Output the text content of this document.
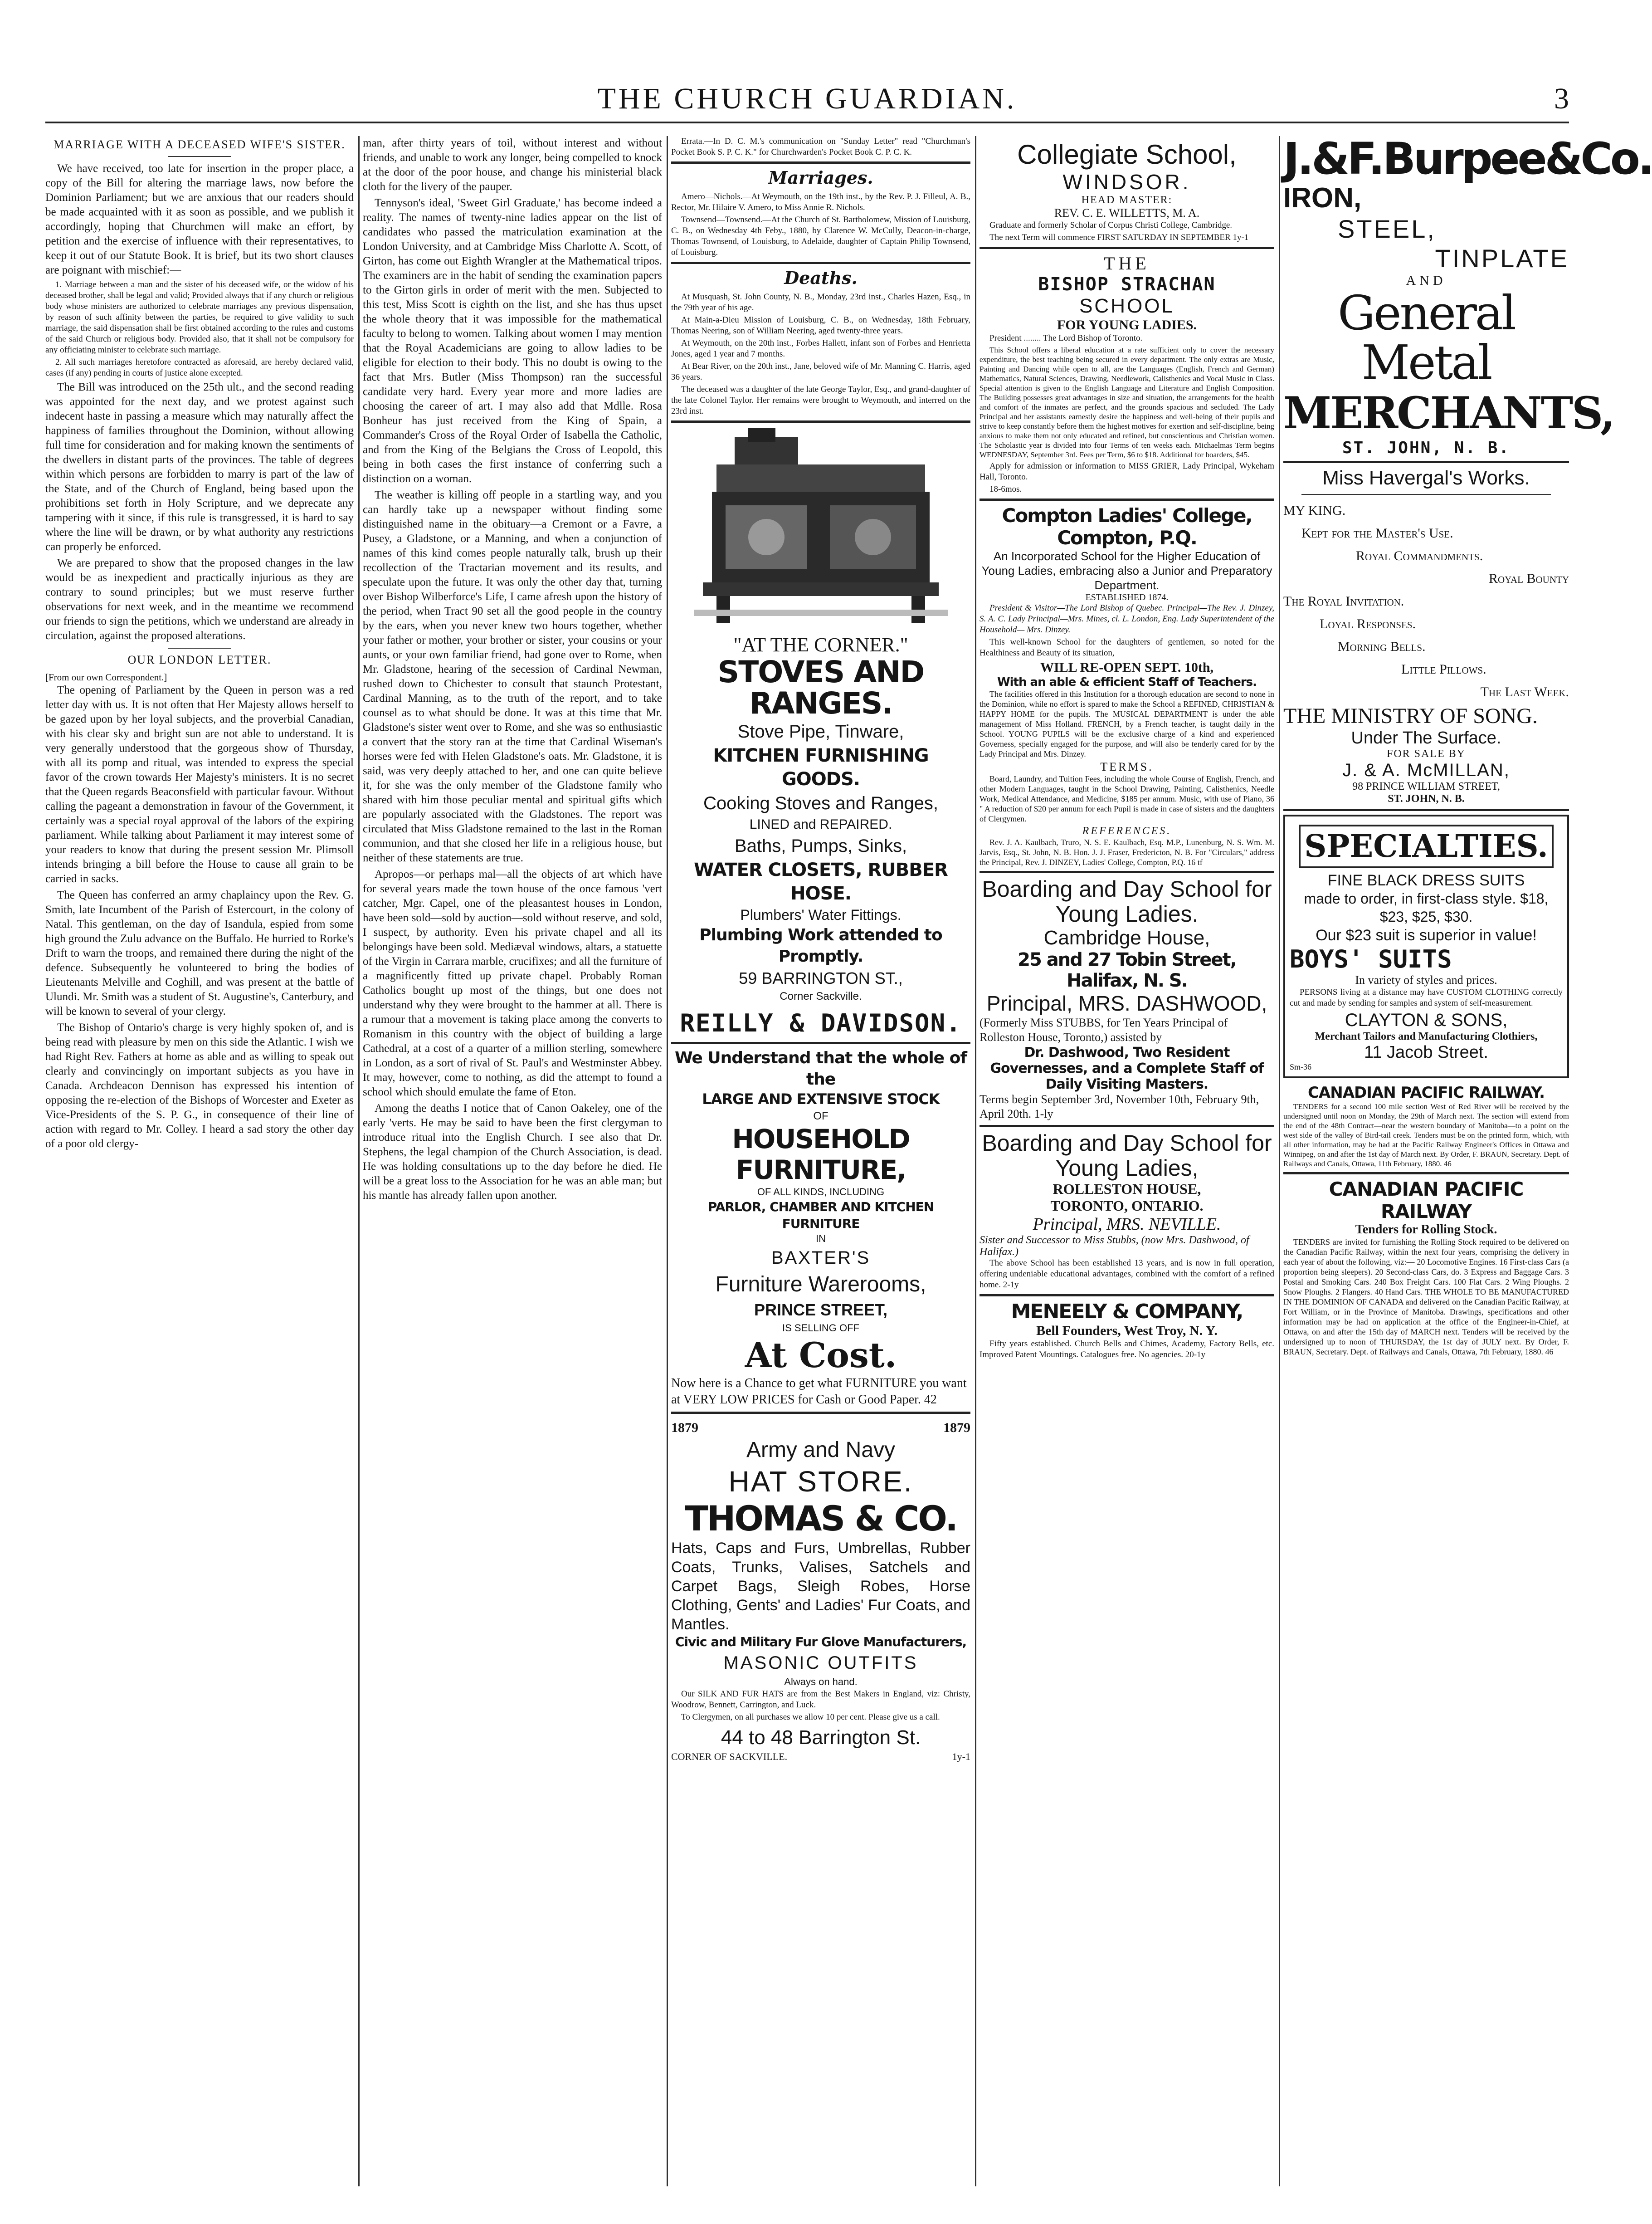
THE CHURCH GUARDIAN.	3
MARRIAGE WITH A DECEASED WIFE'S SISTER.

We have received, too late for insertion in the proper place, a copy of the Bill for altering the marriage laws, now before the Dominion Parliament; but we are anxious that our readers should be made acquainted with it as soon as possible, and we publish it accordingly, hoping that Churchmen will make an effort, by petition and the exercise of influence with their representatives, to keep it out of our Statute Book. It is brief, but its two short clauses are poignant with mischief:—

1. Marriage between a man and the sister of his deceased wife, or the widow of his deceased brother, shall be legal and valid; Provided always that if any church or religious body whose ministers are authorized to celebrate marriages any previous dispensation, by reason of such affinity between the parties, be required to give validity to such marriage, the said dispensation shall be first obtained according to the rules and customs of the said Church or religious body. Provided also, that it shall not be compulsory for any officiating minister to celebrate such marriage.

2. All such marriages heretofore contracted as aforesaid, are hereby declared valid, cases (if any) pending in courts of justice alone excepted.

The Bill was introduced on the 25th ult., and the second reading was appointed for the next day, and we protest against such indecent haste in passing a measure which may naturally affect the happiness of families throughout the Dominion, without allowing full time for consideration and for making known the sentiments of the dwellers in distant parts of the provinces. The table of degrees within which persons are forbidden to marry is part of the law of the State, and of the Church of England, being based upon the prohibitions set forth in Holy Scripture, and we deprecate any tampering with it since, if this rule is transgressed, it is hard to say where the line will be drawn, or by what authority any restrictions can properly be enforced.

We are prepared to show that the proposed changes in the law would be as inexpedient and practically injurious as they are contrary to sound principles; but we must reserve further observations for next week, and in the meantime we recommend our friends to sign the petitions, which we understand are already in circulation, against the proposed alterations.

OUR LONDON LETTER.

[From our own Correspondent.]

The opening of Parliament by the Queen in person was a red letter day with us. It is not often that Her Majesty allows herself to be gazed upon by her loyal subjects, and the proverbial Canadian, with his clear sky and bright sun are not able to understand. It is very generally understood that the gorgeous show of Thursday, with all its pomp and ritual, was intended to express the special favor of the crown towards Her Majesty's ministers. It is no secret that the Queen regards Beaconsfield with particular favour. Without calling the pageant a demonstration in favour of the Government, it certainly was a special royal approval of the labors of the expiring parliament. While talking about Parliament it may interest some of your readers to know that during the present session Mr. Plimsoll intends bringing a bill before the House to cause all grain to be carried in sacks.

The Queen has conferred an army chaplaincy upon the Rev. G. Smith, late Incumbent of the Parish of Estercourt, in the colony of Natal. This gentleman, on the day of Isandula, espied from some high ground the Zulu advance on the Buffalo. He hurried to Rorke's Drift to warn the troops, and remained there during the night of the defence. Subsequently he volunteered to bring the bodies of Lieutenants Melville and Coghill, and was present at the battle of Ulundi. Mr. Smith was a student of St. Augustine's, Canterbury, and will be known to several of your clergy.

The Bishop of Ontario's charge is very highly spoken of, and is being read with pleasure by men on this side the Atlantic. I wish we had Right Rev. Fathers at home as able and as willing to speak out clearly and convincingly on important subjects as you have in Canada. Archdeacon Dennison has expressed his intention of opposing the re-election of the Bishops of Worcester and Exeter as Vice-Presidents of the S. P. G., in consequence of their line of action with regard to Mr. Colley. I heard a sad story the other day of a poor old clergy-

man, after thirty years of toil, without interest and without friends, and unable to work any longer, being compelled to knock at the door of the poor house, and change his ministerial black cloth for the livery of the pauper.

Tennyson's ideal, 'Sweet Girl Graduate,' has become indeed a reality. The names of twenty-nine ladies appear on the list of candidates who passed the matriculation examination at the London University, and at Cambridge Miss Charlotte A. Scott, of Girton, has come out Eighth Wrangler at the Mathematical tripos. The examiners are in the habit of sending the examination papers to the Girton girls in order of merit with the men. Subjected to this test, Miss Scott is eighth on the list, and she has thus upset the whole theory that it was impossible for the mathematical faculty to belong to women. Talking about women I may mention that the Royal Academicians are going to allow ladies to be eligible for election to their body. This no doubt is owing to the fact that Mrs. Butler (Miss Thompson) ran the successful candidate very hard. Every year more and more ladies are choosing the career of art. I may also add that Mdlle. Rosa Bonheur has just received from the King of Spain, a Commander's Cross of the Royal Order of Isabella the Catholic, and from the King of the Belgians the Cross of Leopold, this being in both cases the first instance of conferring such a distinction on a woman.

The weather is killing off people in a startling way, and you can hardly take up a newspaper without finding some distinguished name in the obituary—a Cremont or a Favre, a Pusey, a Gladstone, or a Manning, and when a conjunction of names of this kind comes people naturally talk, brush up their recollection of the Tractarian movement and its results, and speculate upon the future. It was only the other day that, turning over Bishop Wilberforce's Life, I came afresh upon the history of the period, when Tract 90 set all the good people in the country by the ears, when you never knew two hours together, whether your father or mother, your brother or sister, your cousins or your aunts, or your own familiar friend, had gone over to Rome, when Mr. Gladstone, hearing of the secession of Cardinal Newman, rushed down to Chichester to consult that staunch Protestant, Cardinal Manning, as to the truth of the report, and to take counsel as to what should be done. It was at this time that Mr. Gladstone's sister went over to Rome, and she was so enthusiastic a convert that the story ran at the time that Cardinal Wiseman's horses were fed with Helen Gladstone's oats. Mr. Gladstone, it is said, was very deeply attached to her, and one can quite believe it, for she was the only member of the Gladstone family who shared with him those peculiar mental and spiritual gifts which are popularly associated with the Gladstones. The report was circulated that Miss Gladstone remained to the last in the Roman communion, and that she closed her life in a religious house, but neither of these statements are true.

Apropos—or perhaps mal—all the objects of art which have for several years made the town house of the once famous 'vert catcher, Mgr. Capel, one of the pleasantest houses in London, have been sold—sold by auction—sold without reserve, and sold, I suspect, by authority. Even his private chapel and all its belongings have been sold. Mediæval windows, altars, a statuette of the Virgin in Carrara marble, crucifixes; and all the furniture of a magnificently fitted up private chapel. Probably Roman Catholics bought up most of the things, but one does not understand why they were brought to the hammer at all. There is a rumour that a movement is taking place among the converts to Romanism in this country with the object of building a large Cathedral, at a cost of a quarter of a million sterling, somewhere in London, as a sort of rival of St. Paul's and Westminster Abbey. It may, however, come to nothing, as did the attempt to found a school which should emulate the fame of Eton.

Among the deaths I notice that of Canon Oakeley, one of the early 'verts. He may be said to have been the first clergyman to introduce ritual into the English Church. I see also that Dr. Stephens, the legal champion of the Church Association, is dead. He was holding consultations up to the day before he died. He will be a great loss to the Association for he was an able man; but his mantle has already fallen upon another.

Errata.—In D. C. M.'s communication on "Sunday Letter" read "Churchman's Pocket Book S. P. C. K." for Churchwarden's Pocket Book C. P. C. K.

Marriages.

Amero—Nichols.—At Weymouth, on the 19th inst., by the Rev. P. J. Filleul, A. B., Rector, Mr. Hilaire V. Amero, to Miss Annie R. Nichols.

Townsend—Townsend.—At the Church of St. Bartholomew, Mission of Louisburg, C. B., on Wednesday 4th Feby., 1880, by Clarence W. McCully, Deacon-in-charge, Thomas Townsend, of Louisburg, to Adelaide, daughter of Captain Philip Townsend, of Louisburg.

Deaths.

At Musquash, St. John County, N. B., Monday, 23rd inst., Charles Hazen, Esq., in the 79th year of his age.

At Main-a-Dieu Mission of Louisburg, C. B., on Wednesday, 18th February, Thomas Neering, son of William Neering, aged twenty-three years.

At Weymouth, on the 20th inst., Forbes Hallett, infant son of Forbes and Henrietta Jones, aged 1 year and 7 months.

At Bear River, on the 20th inst., Jane, beloved wife of Mr. Manning C. Harris, aged 36 years.

The deceased was a daughter of the late George Taylor, Esq., and grand-daughter of the late Colonel Taylor. Her remains were brought to Weymouth, and interred on the 23rd inst.

"AT THE CORNER."
STOVES AND RANGES.
Stove Pipe, Tinware,
KITCHEN FURNISHING GOODS.
Cooking Stoves and Ranges,
LINED and REPAIRED.
Baths, Pumps, Sinks,
WATER CLOSETS, RUBBER HOSE.
Plumbers' Water Fittings.
Plumbing Work attended to Promptly.
59 BARRINGTON ST.,
Corner Sackville.
REILLY & DAVIDSON.
We Understand that the whole of the
LARGE AND EXTENSIVE STOCK
OF
HOUSEHOLD FURNITURE,
OF ALL KINDS, INCLUDING
PARLOR, CHAMBER AND KITCHEN FURNITURE
IN
BAXTER'S
Furniture Warerooms,
PRINCE STREET,
IS SELLING OFF
At Cost.

Now here is a Chance to get what FURNITURE you want at VERY LOW PRICES for Cash or Good Paper. 42

1879	1879
Army and Navy
HAT STORE.
THOMAS & CO.

Hats, Caps and Furs, Umbrellas, Rubber Coats, Trunks, Valises, Satchels and Carpet Bags, Sleigh Robes, Horse Clothing, Gents' and Ladies' Fur Coats, and Mantles.

Civic and Military Fur Glove Manufacturers,
MASONIC OUTFITS
Always on hand.

Our SILK AND FUR HATS are from the Best Makers in England, viz: Christy, Woodrow, Bennett, Carrington, and Luck.

To Clergymen, on all purchases we allow 10 per cent. Please give us a call.

44 to 48 Barrington St.
CORNER OF SACKVILLE.	1y-1
Collegiate School,
WINDSOR.
HEAD MASTER:
REV. C. E. WILLETTS, M. A.

Graduate and formerly Scholar of Corpus Christi College, Cambridge.

The next Term will commence FIRST SATURDAY IN SEPTEMBER 1y-1

THE
BISHOP STRACHAN
SCHOOL
FOR YOUNG LADIES.

President ........ The Lord Bishop of Toronto.

This School offers a liberal education at a rate sufficient only to cover the necessary expenditure, the best teaching being secured in every department. The only extras are Music, Painting and Dancing while open to all, are the Languages (English, French and German) Mathematics, Natural Sciences, Drawing, Needlework, Calisthenics and Vocal Music in Class. Special attention is given to the English Language and Literature and English Composition. The Building possesses great advantages in size and situation, the arrangements for the health and comfort of the inmates are perfect, and the grounds spacious and secluded. The Lady Principal and her assistants earnestly desire the happiness and well-being of their pupils and strive to keep constantly before them the highest motives for exertion and self-discipline, being anxious to make them not only educated and refined, but conscientious and Christian women. The Scholastic year is divided into four Terms of ten weeks each. Michaelmas Term begins WEDNESDAY, September 3rd. Fees per Term, $6 to $18. Additional for boarders, $45.

Apply for admission or information to MISS GRIER, Lady Principal, Wykeham Hall, Toronto.

18-6mos.

Compton Ladies' College, Compton, P.Q.
An Incorporated School for the Higher Education of Young Ladies, embracing also a Junior and Preparatory Department.
ESTABLISHED 1874.

President & Visitor—The Lord Bishop of Quebec. Principal—The Rev. J. Dinzey, S. A. C. Lady Principal—Mrs. Mines, cl. L. London, Eng. Lady Superintendent of the Household— Mrs. Dinzey.

This well-known School for the daughters of gentlemen, so noted for the Healthiness and Beauty of its situation,

WILL RE-OPEN SEPT. 10th,
With an able & efficient Staff of Teachers.

The facilities offered in this Institution for a thorough education are second to none in the Dominion, while no effort is spared to make the School a REFINED, CHRISTIAN & HAPPY HOME for the pupils. The MUSICAL DEPARTMENT is under the able management of Miss Holland. FRENCH, by a French teacher, is taught daily in the School. YOUNG PUPILS will be the exclusive charge of a kind and experienced Governess, specially engaged for the purpose, and will also be tenderly cared for by the Lady Principal and Mrs. Dinzey.

TERMS.

Board, Laundry, and Tuition Fees, including the whole Course of English, French, and other Modern Languages, taught in the School Drawing, Painting, Calisthenics, Needle Work, Medical Attendance, and Medicine, $185 per annum. Music, with use of Piano, 36 " A reduction of $20 per annum for each Pupil is made in case of sisters and the daughters of Clergymen.

REFERENCES.

Rev. J. A. Kaulbach, Truro, N. S. E. Kaulbach, Esq. M.P., Lunenburg, N. S. Wm. M. Jarvis, Esq., St. John, N. B. Hon. J. J. Fraser, Fredericton, N. B. For "Circulars," address the Principal, Rev. J. DINZEY, Ladies' College, Compton, P.Q. 16 tf

Boarding and Day School for Young Ladies.
Cambridge House,
25 and 27 Tobin Street, Halifax, N. S.
Principal, MRS. DASHWOOD,

(Formerly Miss STUBBS, for Ten Years Principal of Rolleston House, Toronto,) assisted by

Dr. Dashwood, Two Resident Governesses, and a Complete Staff of Daily Visiting Masters.

Terms begin September 3rd, November 10th, February 9th, April 20th. 1-ly

Boarding and Day School for Young Ladies,
ROLLESTON HOUSE,
TORONTO, ONTARIO.
Principal, MRS. NEVILLE.

Sister and Successor to Miss Stubbs, (now Mrs. Dashwood, of Halifax.)

The above School has been established 13 years, and is now in full operation, offering undeniable educational advantages, combined with the comfort of a refined home. 2-1y

MENEELY & COMPANY,
Bell Founders, West Troy, N. Y.

Fifty years established. Church Bells and Chimes, Academy, Factory Bells, etc. Improved Patent Mountings. Catalogues free. No agencies. 20-1y

J.&F.Burpee&Co.
IRON,
STEEL,
TINPLATE
AND
General Metal
MERCHANTS,
ST. JOHN, N. B.
Miss Havergal's Works.
MY KING.
Kept for the Master's Use.
Royal Commandments.
Royal Bounty
The Royal Invitation.
Loyal Responses.
Morning Bells.
Little Pillows.
The Last Week.
THE MINISTRY OF SONG.
Under The Surface.
FOR SALE BY
J. & A. McMILLAN,
98 PRINCE WILLIAM STREET,
ST. JOHN, N. B.
SPECIALTIES.
FINE BLACK DRESS SUITS
made to order, in first-class style. $18, $23, $25, $30.
Our $23 suit is superior in value!
BOYS' SUITS
In variety of styles and prices.

PERSONS living at a distance may have CUSTOM CLOTHING correctly cut and made by sending for samples and system of self-measurement.

CLAYTON & SONS,
Merchant Tailors and Manufacturing Clothiers,
11 Jacob Street.
Sm-36
CANADIAN PACIFIC RAILWAY.

TENDERS for a second 100 mile section West of Red River will be received by the undersigned until noon on Monday, the 29th of March next. The section will extend from the end of the 48th Contract—near the western boundary of Manitoba—to a point on the west side of the valley of Bird-tail creek. Tenders must be on the printed form, which, with all other information, may be had at the Pacific Railway Engineer's Offices in Ottawa and Winnipeg, on and after the 1st day of March next. By Order, F. BRAUN, Secretary. Dept. of Railways and Canals, Ottawa, 11th February, 1880. 46

CANADIAN PACIFIC RAILWAY
Tenders for Rolling Stock.

TENDERS are invited for furnishing the Rolling Stock required to be delivered on the Canadian Pacific Railway, within the next four years, comprising the delivery in each year of about the following, viz:— 20 Locomotive Engines. 16 First-class Cars (a proportion being sleepers). 20 Second-class Cars, do. 3 Express and Baggage Cars. 3 Postal and Smoking Cars. 240 Box Freight Cars. 100 Flat Cars. 2 Wing Ploughs. 2 Snow Ploughs. 2 Flangers. 40 Hand Cars. THE WHOLE TO BE MANUFACTURED IN THE DOMINION OF CANADA and delivered on the Canadian Pacific Railway, at Fort William, or in the Province of Manitoba. Drawings, specifications and other information may be had on application at the office of the Engineer-in-Chief, at Ottawa, on and after the 15th day of MARCH next. Tenders will be received by the undersigned up to noon of THURSDAY, the 1st day of JULY next. By Order, F. BRAUN, Secretary. Dept. of Railways and Canals, Ottawa, 7th February, 1880. 46
